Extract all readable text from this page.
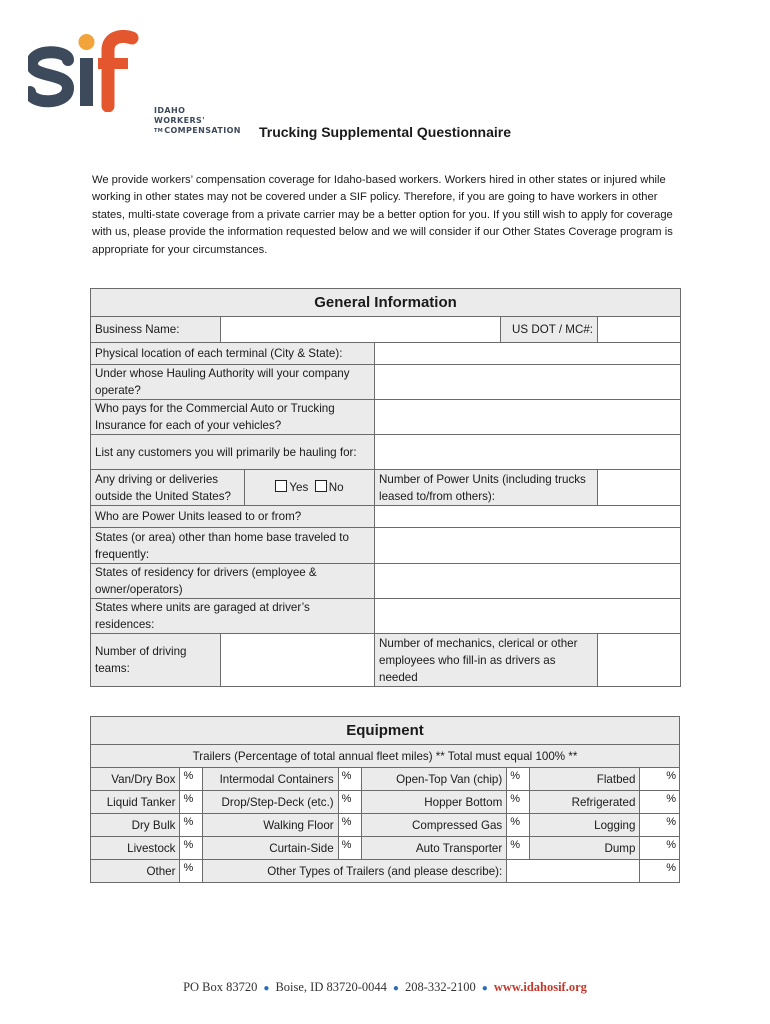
IDAHO
WORKERS'
™COMPENSATION	Trucking Supplemental Questionnaire
We provide workers’ compensation coverage for Idaho-based workers. Workers hired in other states or injured while working in other states may not be covered under a SIF policy. Therefore, if you are going to have workers in other states, multi-state coverage from a private carrier may be a better option for you. If you still wish to apply for coverage with us, please provide the information requested below and we will consider if our Other States Coverage program is appropriate for your circumstances.
General Information					
Business Name:				US DOT / MC#:	
Physical location of each terminal (City & State):					
Under whose Hauling Authority will your company operate?					
Who pays for the Commercial Auto or Trucking Insurance for each of your vehicles?					
List any customers you will primarily be hauling for:					
Any driving or deliveries outside the United States?		Yes No	Number of Power Units (including trucks leased to/from others):		
Who are Power Units leased to or from?					
States (or area) other than home base traveled to frequently:					
States of residency for drivers (employee & owner/operators)					
States where units are garaged at driver’s residences:					
Number of driving teams:			Number of mechanics, clerical or other employees who fill-in as drivers as needed		
Equipment							
Trailers (Percentage of total annual fleet miles) ** Total must equal 100% **							
Van/Dry Box	%	Intermodal Containers	%	Open-Top Van (chip)	%	Flatbed	%
Liquid Tanker	%	Drop/Step-Deck (etc.)	%	Hopper Bottom	%	Refrigerated	%
Dry Bulk	%	Walking Floor	%	Compressed Gas	%	Logging	%
Livestock	%	Curtain-Side	%	Auto Transporter	%	Dump	%
Other	%	Other Types of Trailers (and please describe):					%
PO Box 83720 ● Boise, ID 83720-0044 ● 208-332-2100 ● www.idahosif.org
